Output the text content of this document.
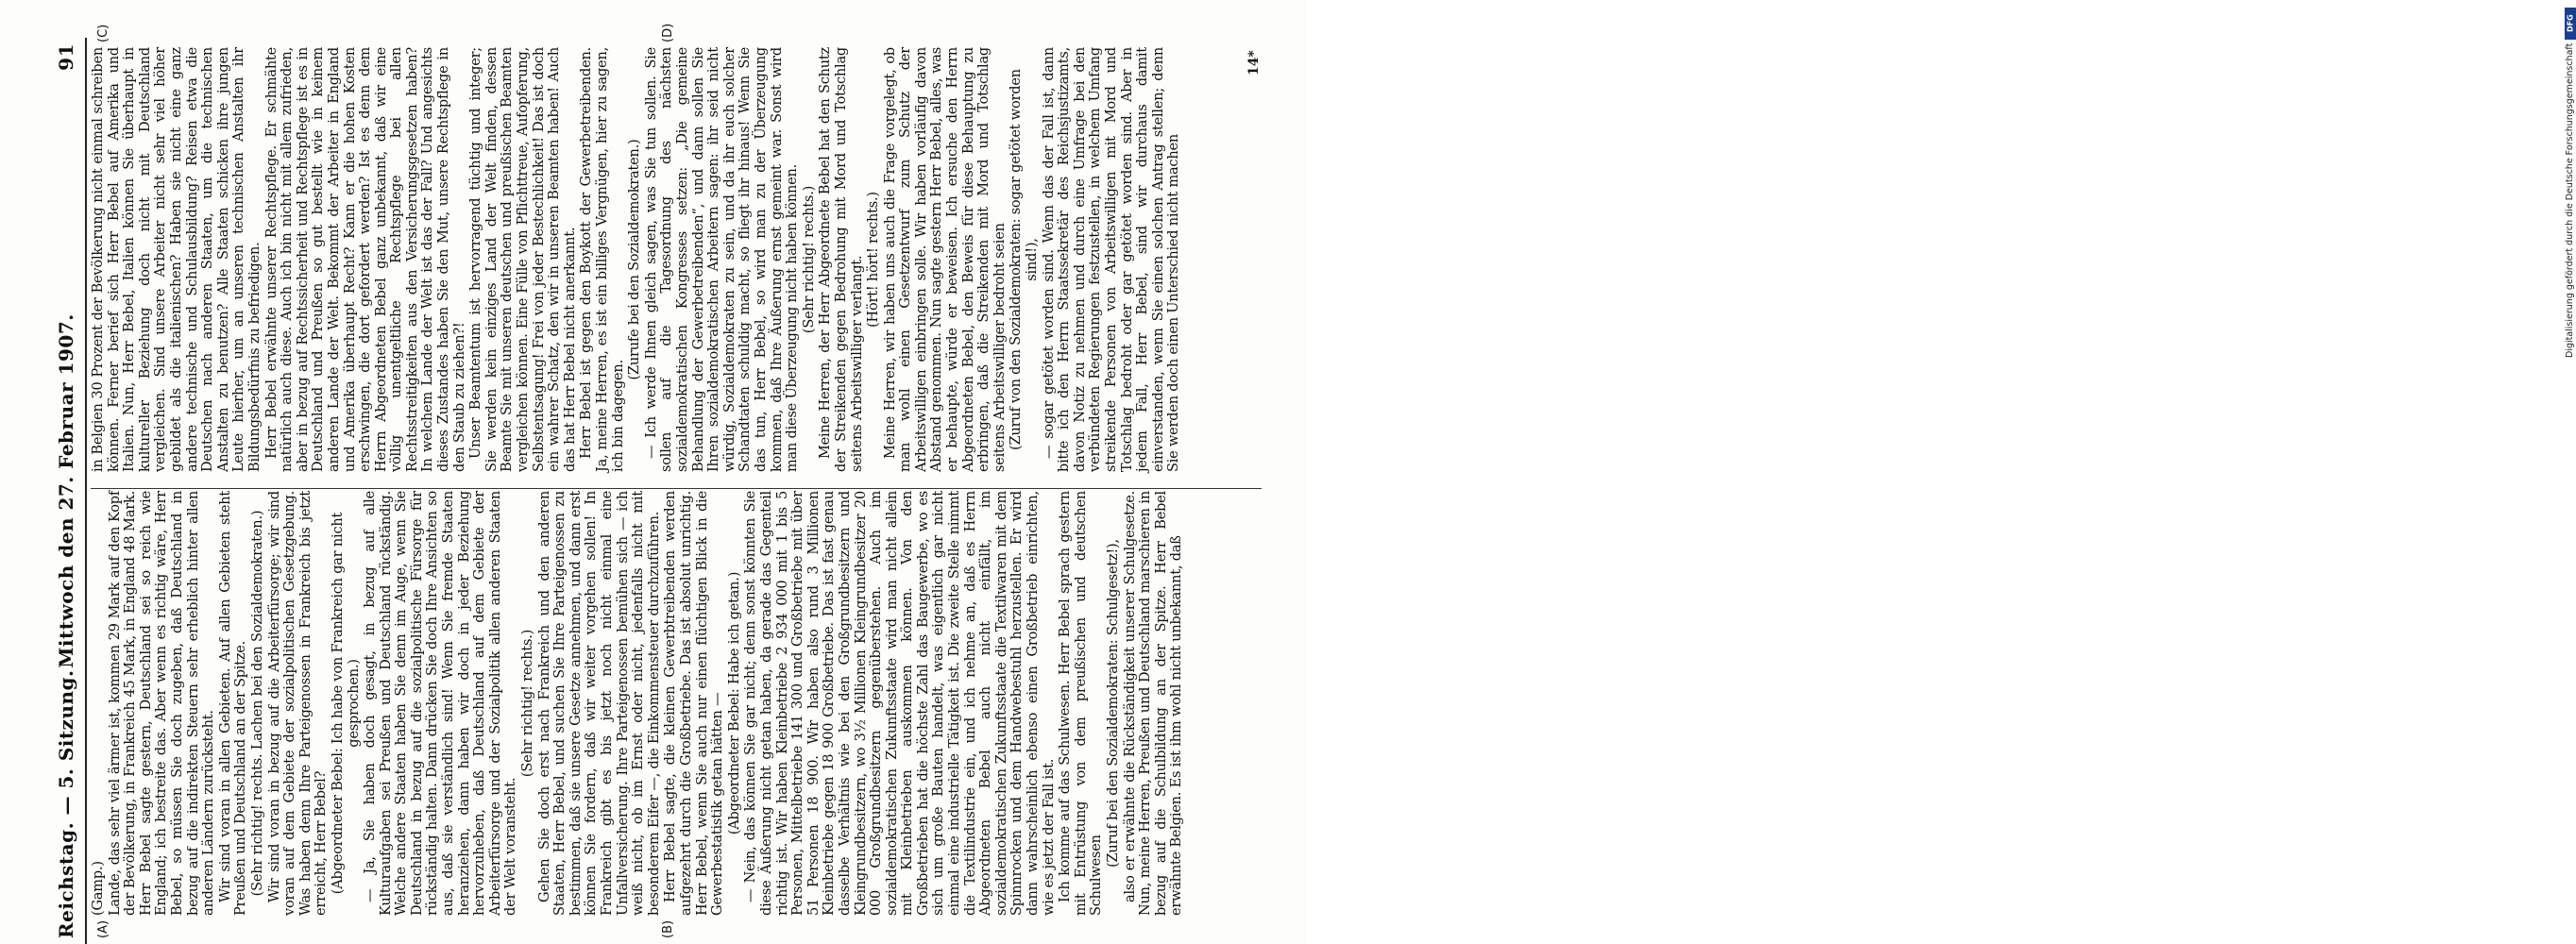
Reichstag. — 5. Sitzung.
Mittwoch den 27. Februar 1907.
91
(A)	(B)
(C)	(D)

(Gamp.) Lande, das sehr viel ärmer ist, kommen 29 Mark auf den Kopf der Bevölkerung, in Frankreich 45 Mark, in England 48 Mark. Herr Bebel sagte gestern, Deutschland sei so reich wie England; ich bestreite das. Aber wenn es richtig wäre, Herr Bebel, so müssen Sie doch zugeben, daß Deutschland in bezug auf die indirekten Steuern sehr erheblich hinter allen anderen Ländern zurücksteht. Wir sind voran in allen Gebieten. Auf allen Gebieten steht Preußen und Deutschland an der Spitze. (Sehr richtig! rechts. Lachen bei den Sozialdemokraten.) Wir sind voran in bezug auf die Arbeiterfürsorge; wir sind voran auf dem Gebiete der sozialpolitischen Gesetzgebung. Was haben denn Ihre Parteigenossen in Frankreich bis jetzt erreicht, Herr Bebel? (Abgeordneter Bebel: Ich habe von Frankreich gar nicht gesprochen.) — Ja, Sie haben doch gesagt, in bezug auf alle Kulturaufgaben sei Preußen und Deutschland rückständig. Welche andere Staaten haben Sie denn im Auge, wenn Sie Deutschland in bezug auf die sozialpolitische Fürsorge für rückständig halten. Dann drücken Sie doch Ihre Ansichten so aus, daß sie verständlich sind! Wenn Sie fremde Staaten heranziehen, dann haben wir doch in jeder Beziehung hervorzuheben, daß Deutschland auf dem Gebiete der Arbeiterfürsorge und der Sozialpolitik allen anderen Staaten der Welt voransteht.

(Sehr richtig! rechts.) Gehen Sie doch erst nach Frankreich und den anderen Staaten, Herr Bebel, und suchen Sie Ihre Parteigenossen zu bestimmen, daß sie unsere Gesetze annehmen, und dann erst können Sie fordern, daß wir weiter vorgehen sollen! In Frankreich gibt es bis jetzt noch nicht einmal eine Unfallversicherung. Ihre Parteigenossen bemühen sich — ich weiß nicht, ob im Ernst oder nicht, jedenfalls nicht mit besonderem Eifer —, die Einkommensteuer durchzuführen. Herr Bebel sagte, die kleinen Gewerbtreibenden werden aufgezehrt durch die Großbetriebe. Das ist absolut unrichtig. Herr Bebel, wenn Sie auch nur einen flüchtigen Blick in die Gewerbestatistik getan hätten — (Abgeordneter Bebel: Habe ich getan.) — Nein, das können Sie gar nicht; denn sonst könnten Sie diese Äußerung nicht getan haben, da gerade das Gegenteil richtig ist. Wir haben Kleinbetriebe 2 934 000 mit 1 bis 5 Personen, Mittelbetriebe 141 300 und Großbetriebe mit über 51 Personen 18 900. Wir haben also rund 3 Millionen Kleinbetriebe gegen 18 900 Großbetriebe. Das ist fast genau dasselbe Verhältnis wie bei den Großgrundbesitzern und Kleingrundbesitzern, wo 3½ Millionen Kleingrundbesitzer 20 000 Großgrundbesitzern gegenüberstehen. Auch im sozialdemokratischen Zukunftsstaate wird man nicht allein mit Kleinbetrieben auskommen können. Von den Großbetrieben hat die höchste Zahl das Baugewerbe, wo es sich um große Bauten handelt, was eigentlich gar nicht einmal eine industrielle Tätigkeit ist. Die zweite Stelle nimmt die Textilindustrie ein, und ich nehme an, daß es Herrn Abgeordneten Bebel auch nicht einfällt, im sozialdemokratischen Zukunftsstaate die Textilwaren mit dem Spinnrocken und dem Handwebestuhl herzustellen. Er wird dann wahrscheinlich ebenso einen Großbetrieb einrichten, wie es jetzt der Fall ist. Ich komme auf das Schulwesen. Herr Bebel sprach gestern mit Entrüstung von dem preußischen und deutschen Schulwesen

(Zuruf bei den Sozialdemokraten: Schulgesetz!), also er erwähnte die Rückständigkeit unserer Schulgesetze. Nun, meine Herren, Preußen und Deutschland marschieren in bezug auf die Schulbildung an der Spitze. Herr Bebel erwähnte Belgien. Es ist ihm wohl nicht unbekannt, daß

in Belgien 30 Prozent der Bevölkerung nicht einmal schreiben können. Ferner berief sich Herr Bebel auf Amerika und Italien. Nun, Herr Bebel, Italien können Sie überhaupt in kultureller Beziehung doch nicht mit Deutschland vergleichen. Sind unsere Arbeiter nicht sehr viel höher gebildet als die italienischen? Haben sie nicht eine ganz andere technische und Schulausbildung? Reisen etwa die Deutschen nach anderen Staaten, um die technischen Anstalten zu benutzen? Alle Staaten schicken ihre jungen Leute hierher, um an unseren technischen Anstalten ihr Bildungsbedürfnis zu befriedigen. Herr Bebel erwähnte unserer Rechtspflege. Er schmähte natürlich auch diese. Auch ich bin nicht mit allem zufrieden, aber in bezug auf Rechtssicherheit und Rechtspflege ist es in Deutschland und Preußen so gut bestellt wie in keinem anderen Lande der Welt. Bekommt der Arbeiter in England und Amerika überhaupt Recht? Kann er die hohen Kosten erschwingen, die dort gefordert werden? Ist es denn dem Herrn Abgeordneten Bebel ganz unbekannt, daß wir eine völlig unentgeltliche Rechtspflege bei allen Rechtsstreitigkeiten aus den Versicherungsgesetzen haben? In welchem Lande der Welt ist das der Fall? Und angesichts dieses Zustandes haben Sie den Mut, unsere Rechtspflege in den Staub zu ziehen?! Unser Beamtentum ist hervorragend tüchtig und integer; Sie werden kein einziges Land der Welt finden, dessen Beamte Sie mit unseren deutschen und preußischen Beamten vergleichen können. Eine Fülle von Pflichttreue, Aufopferung, Selbstentsagung! Frei von jeder Bestechlichkeit! Das ist doch ein wahrer Schatz, den wir in unseren Beamten haben! Auch das hat Herr Bebel nicht anerkannt. Herr Bebel ist gegen den Boykott der Gewerbetreibenden. Ja, meine Herren, es ist ein billiges Vergnügen, hier zu sagen, ich bin dagegen.

(Zurufe bei den Sozialdemokraten.) — Ich werde Ihnen gleich sagen, was Sie tun sollen. Sie sollen auf die Tagesordnung des nächsten sozialdemokratischen Kongresses setzen: „Die gemeine Behandlung der Gewerbetreibenden“, und dann sollen Sie Ihren sozialdemokratischen Arbeitern sagen: ihr seid nicht würdig, Sozialdemokraten zu sein, und da ihr euch solcher Schandtaten schuldig macht, so fliegt ihr hinaus! Wenn Sie das tun, Herr Bebel, so wird man zu der Überzeugung kommen, daß Ihre Äußerung ernst gemeint war. Sonst wird man diese Überzeugung nicht haben können. (Sehr richtig! rechts.) Meine Herren, der Herr Abgeordnete Bebel hat den Schutz der Streikenden gegen Bedrohung mit Mord und Totschlag seitens Arbeitswilliger verlangt. (Hört! hört! rechts.) Meine Herren, wir haben uns auch die Frage vorgelegt, ob man wohl einen Gesetzentwurf zum Schutz der Arbeitswilligen einbringen solle. Wir haben vorläufig davon Abstand genommen. Nun sagte gestern Herr Bebel, alles, was er behaupte, würde er beweisen. Ich ersuche den Herrn Abgeordneten Bebel, den Beweis für diese Behauptung zu erbringen, daß die Streikenden mit Mord und Totschlag seitens Arbeitswilliger bedroht seien (Zuruf von den Sozialdemokraten: sogar getötet worden sind!), — sogar getötet worden sind. Wenn das der Fall ist, dann bitte ich den Herrn Staatssekretär des Reichsjustizamts, davon Notiz zu nehmen und durch eine Umfrage bei den verbündeten Regierungen festzustellen, in welchem Umfang streikende Personen von Arbeitswilligen mit Mord und Totschlag bedroht oder gar getötet worden sind. Aber in jedem Fall, Herr Bebel, sind wir durchaus damit einverstanden, wenn Sie einen solchen Antrag stellen; denn Sie werden doch einen Unterschied nicht machen

14*
DFG
Digitalisierung gefördert durch die Deutsche Forschungsgemeinschaft
